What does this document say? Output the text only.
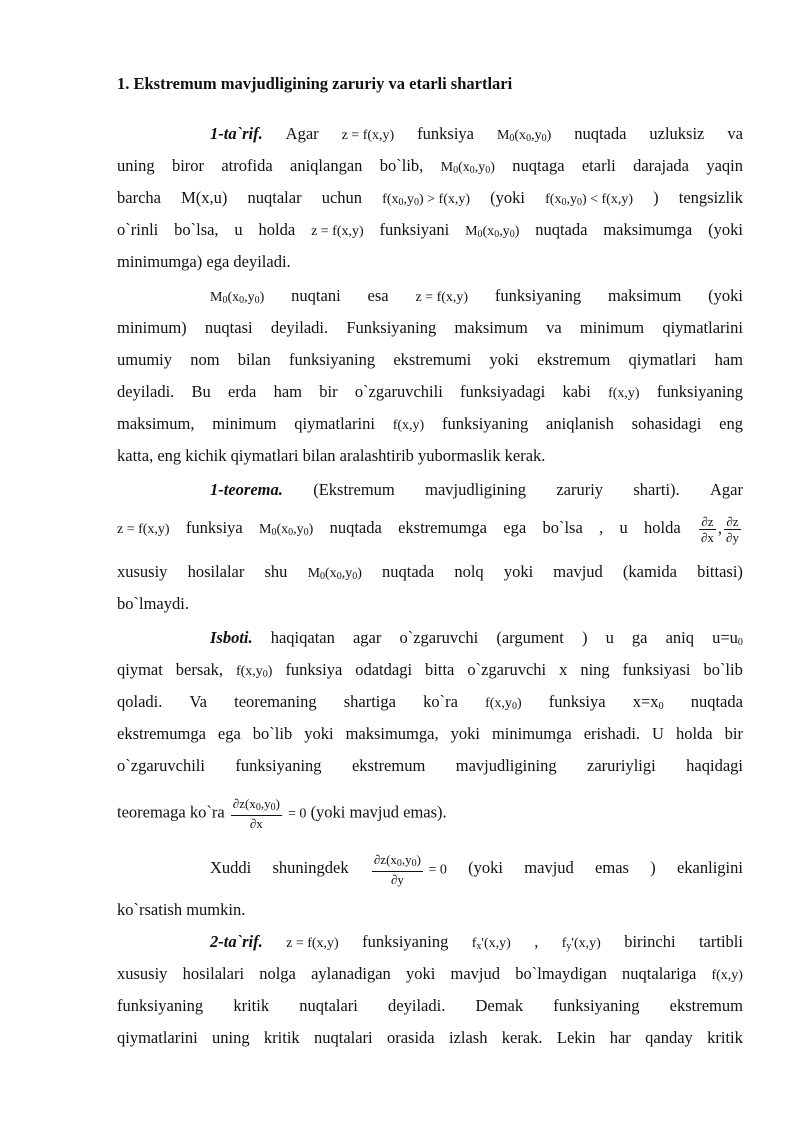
1. Ekstremum mavjudligining zaruriy va etarli shartlari
1-ta`rif. Agar z = f(x,y) funksiya $M_0(x_0,y_0)$ nuqtada uzluksiz va
uning biror atrofida aniqlangan bo`lib, $M_0(x_0,y_0)$ nuqtaga etarli darajada yaqin
barcha M(x,u) nuqtalar uchun $f(x_0,y_0) > f(x,y)$ (yoki $f(x_0,y_0) < f(x,y)$ ) tengsizlik
o`rinli bo`lsa, u holda z = f(x,y) funksiyani $M_0(x_0,y_0)$ nuqtada maksimumga (yoki
minimumga) ega deyiladi.
$M_0(x_0,y_0)$ nuqtani esa z = f(x,y) funksiyaning maksimum (yoki
minimum) nuqtasi deyiladi. Funksiyaning maksimum va minimum qiymatlarini
umumiy nom bilan funksiyaning ekstremumi yoki ekstremum qiymatlari ham
deyiladi. Bu erda ham bir o`zgaruvchili funksiyadagi kabi f(x,y) funksiyaning
maksimum, minimum qiymatlarini f(x,y) funksiyaning aniqlanish sohasidagi eng
katta, eng kichik qiymatlari bilan aralashtirib yubormaslik kerak.
1-teorema. (Ekstremum mavjudligining zaruriy sharti). Agar
z = f(x,y) funksiya $M_0(x_0,y_0)$ nuqtada ekstremumga ega bo`lsa , u holda $\frac{\partial z}{\partial x}$ , $\frac{\partial z}{\partial y}$
xususiy hosilalar shu $M_0(x_0,y_0)$ nuqtada nolq yoki mavjud (kamida bittasi)
bo`lmaydi.
Isboti. haqiqatan agar o`zgaruvchi (argument ) u ga aniq $u=u_0$
qiymat bersak, $f(x,y_0)$ funksiya odatdagi bitta o`zgaruvchi x ning funksiyasi bo`lib
qoladi. Va teoremaning shartiga ko`ra $f(x,y_0)$ funksiya $x=x_0$ nuqtada
ekstremumga ega bo`lib yoki maksimumga, yoki minimumga erishadi. U holda bir
o`zgaruvchili funksiyaning ekstremum mavjudligining zaruriyligi haqidagi
teoremaga ko`ra $\frac{\partial z(x_0,y_0)}{\partial x} = 0$ (yoki mavjud emas).
Xuddi shuningdek $\frac{\partial z(x_0,y_0)}{\partial y} = 0$ (yoki mavjud emas ) ekanligini
ko`rsatish mumkin.
2-ta`rif. z = f(x,y) funksiyaning $f_x'(x,y)$ , $f_y'(x,y)$ birinchi tartibli
xususiy hosilalari nolga aylanadigan yoki mavjud bo`lmaydigan nuqtalariga f(x,y)
funksiyaning kritik nuqtalari deyiladi. Demak funksiyaning ekstremum
qiymatlarini uning kritik nuqtalari orasida izlash kerak. Lekin har qanday kritik
